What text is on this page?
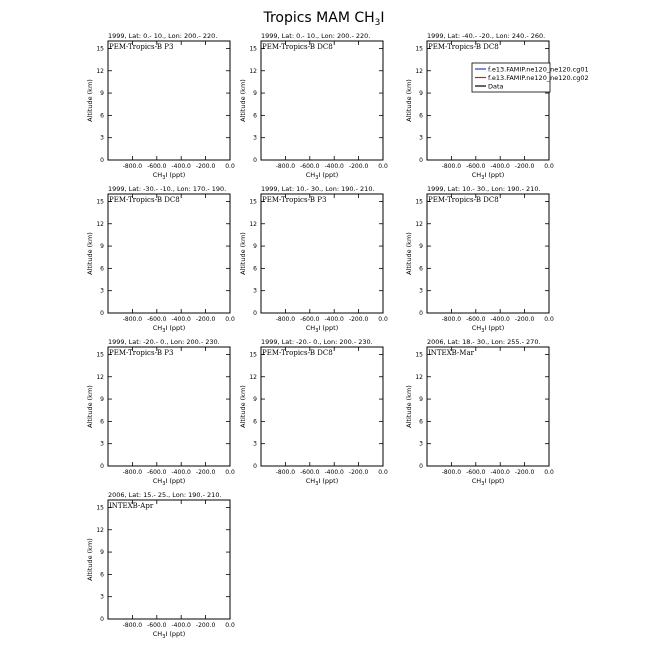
Tropics MAM $CH_3I$
1999, Lat: 0.- 10., Lon: 200.- 220.
PEM-Tropics-B P3
-800.0 -600.0 -400.0 -200.0 0.0
0
3
6
9
12
15
$CH_3I$ (ppt)
Altitude (km)
1999, Lat: 0.- 10., Lon: 200.- 220.
PEM-Tropics-B DC8
-800.0 -600.0 -400.0 -200.0 0.0
0
3
6
9
12
15
$CH_3I$ (ppt)
Altitude (km)
1999, Lat: -40.- -20., Lon: 240.- 260.
PEM-Tropics-B DC8
-800.0 -600.0 -400.0 -200.0 0.0
0
3
6
9
12
15
$CH_3I$ (ppt)
Altitude (km)
1999, Lat: -30.- -10., Lon: 170.- 190.
PEM-Tropics-B DC8
-800.0 -600.0 -400.0 -200.0 0.0
0
3
6
9
12
15
$CH_3I$ (ppt)
Altitude (km)
1999, Lat: 10.- 30., Lon: 190.- 210.
PEM-Tropics-B P3
-800.0 -600.0 -400.0 -200.0 0.0
0
3
6
9
12
15
$CH_3I$ (ppt)
Altitude (km)
1999, Lat: 10.- 30., Lon: 190.- 210.
PEM-Tropics-B DC8
-800.0 -600.0 -400.0 -200.0 0.0
0
3
6
9
12
15
$CH_3I$ (ppt)
Altitude (km)
1999, Lat: -20.- 0., Lon: 200.- 230.
PEM-Tropics-B P3
-800.0 -600.0 -400.0 -200.0 0.0
0
3
6
9
12
15
$CH_3I$ (ppt)
Altitude (km)
1999, Lat: -20.- 0., Lon: 200.- 230.
PEM-Tropics-B DC8
-800.0 -600.0 -400.0 -200.0 0.0
0
3
6
9
12
15
$CH_3I$ (ppt)
Altitude (km)
2006, Lat: 18.- 30., Lon: 255.- 270.
INTEXB-Mar
-800.0 -600.0 -400.0 -200.0 0.0
0
3
6
9
12
15
$CH_3I$ (ppt)
Altitude (km)
2006, Lat: 15.- 25., Lon: 190.- 210.
INTEXB-Apr
-800.0 -600.0 -400.0 -200.0 0.0
0
3
6
9
12
15
$CH_3I$ (ppt)
Altitude (km)
f.e13.FAMIP.ne120_ne120.cg01
f.e13.FAMIP.ne120_ne120.cg02
Data
